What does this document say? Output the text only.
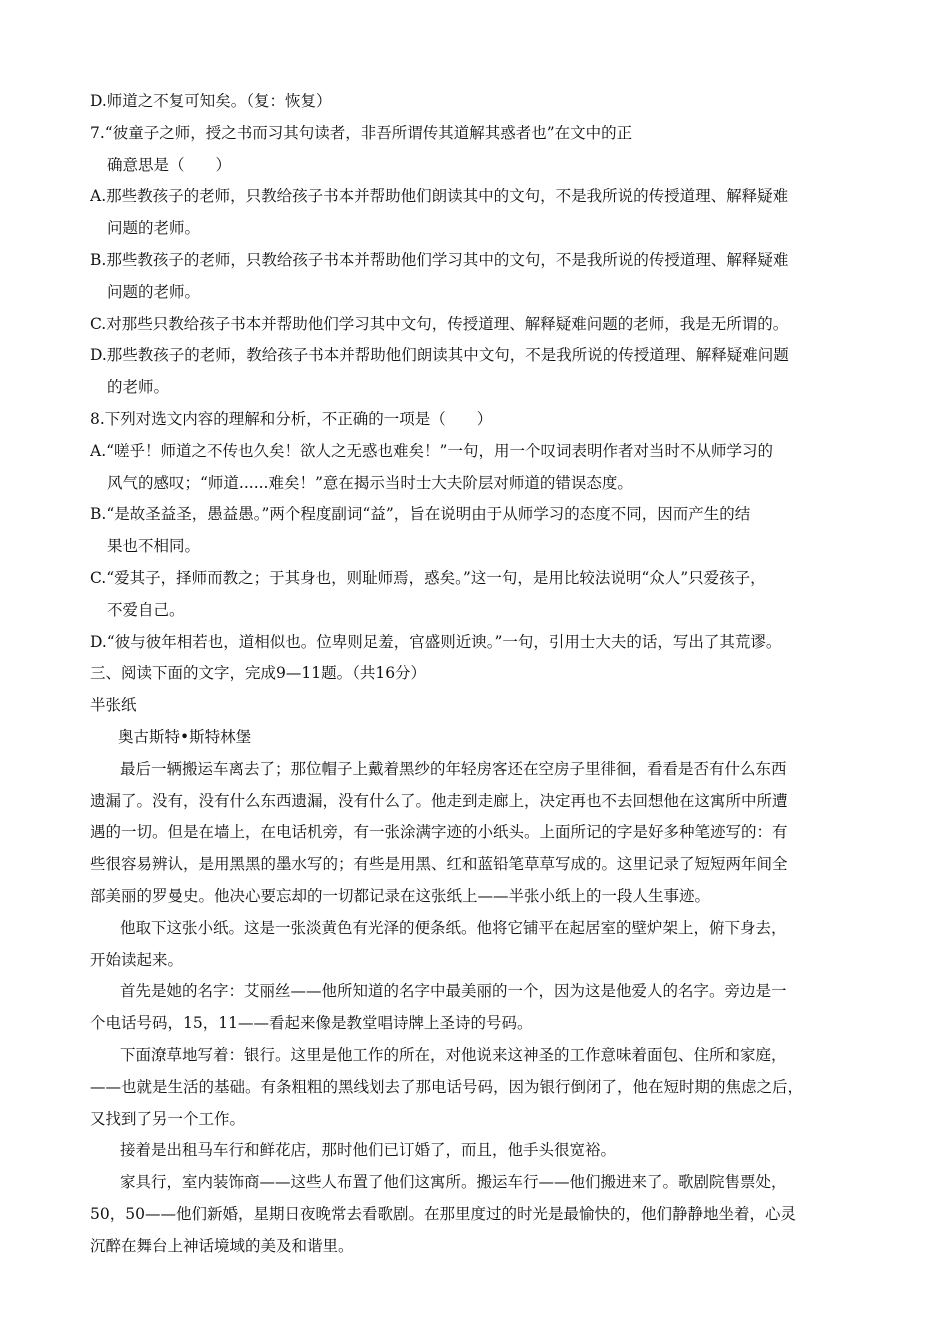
D.师道之不复可知矣。（复：恢复）
7.“彼童子之师，授之书而习其句读者，非吾所谓传其道解其惑者也”在文中的正
确意思是（　　）
A.那些教孩子的老师，只教给孩子书本并帮助他们朗读其中的文句，不是我所说的传授道理、解释疑难
问题的老师。
B.那些教孩子的老师，只教给孩子书本并帮助他们学习其中的文句，不是我所说的传授道理、解释疑难
问题的老师。
C.对那些只教给孩子书本并帮助他们学习其中文句，传授道理、解释疑难问题的老师，我是无所谓的。
D.那些教孩子的老师，教给孩子书本并帮助他们朗读其中文句，不是我所说的传授道理、解释疑难问题
的老师。
8.下列对选文内容的理解和分析，不正确的一项是（　　）
A.“嗟乎！师道之不传也久矣！欲人之无惑也难矣！”一句，用一个叹词表明作者对当时不从师学习的
风气的感叹；“师道......难矣！”意在揭示当时士大夫阶层对师道的错误态度。
B.“是故圣益圣，愚益愚。”两个程度副词“益”，旨在说明由于从师学习的态度不同，因而产生的结
果也不相同。
C.“爱其子，择师而教之；于其身也，则耻师焉，惑矣。”这一句，是用比较法说明“众人”只爱孩子，
不爱自己。
D.“彼与彼年相若也，道相似也。位卑则足羞，官盛则近谀。”一句，引用士大夫的话，写出了其荒谬。
三、阅读下面的文字，完成9—11题。（共16分）
半张纸
奥古斯特•斯特林堡
最后一辆搬运车离去了；那位帽子上戴着黑纱的年轻房客还在空房子里徘徊，看看是否有什么东西
遗漏了。没有，没有什么东西遗漏，没有什么了。他走到走廊上，决定再也不去回想他在这寓所中所遭
遇的一切。但是在墙上，在电话机旁，有一张涂满字迹的小纸头。上面所记的字是好多种笔迹写的：有
些很容易辨认，是用黑黑的墨水写的；有些是用黑、红和蓝铅笔草草写成的。这里记录了短短两年间全
部美丽的罗曼史。他决心要忘却的一切都记录在这张纸上——半张小纸上的一段人生事迹。
他取下这张小纸。这是一张淡黄色有光泽的便条纸。他将它铺平在起居室的壁炉架上，俯下身去，
开始读起来。
首先是她的名字：艾丽丝——他所知道的名字中最美丽的一个，因为这是他爱人的名字。旁边是一
个电话号码，15，11——看起来像是教堂唱诗牌上圣诗的号码。
下面潦草地写着：银行。这里是他工作的所在，对他说来这神圣的工作意味着面包、住所和家庭，
——也就是生活的基础。有条粗粗的黑线划去了那电话号码，因为银行倒闭了，他在短时期的焦虑之后，
又找到了另一个工作。
接着是出租马车行和鲜花店，那时他们已订婚了，而且，他手头很宽裕。
家具行，室内装饰商——这些人布置了他们这寓所。搬运车行——他们搬进来了。歌剧院售票处，
50，50——他们新婚，星期日夜晚常去看歌剧。在那里度过的时光是最愉快的，他们静静地坐着，心灵
沉醉在舞台上神话境域的美及和谐里。
